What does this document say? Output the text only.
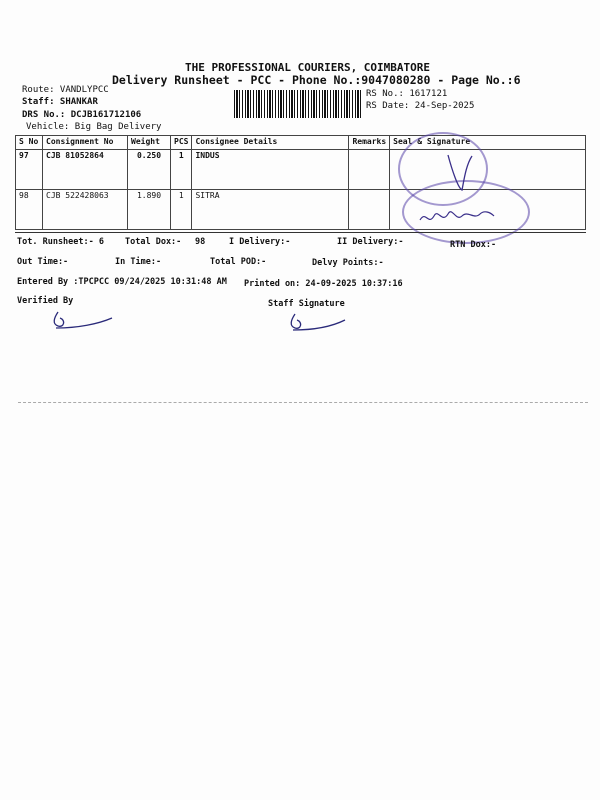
THE PROFESSIONAL COURIERS, COIMBATORE
Delivery Runsheet - PCC - Phone No.:9047080280 - Page No.:6
Route: VANDLYPCC
Staff: SHANKAR
DRS No.: DCJB161712106
Vehicle: Big Bag Delivery
RS No.: 1617121
RS Date: 24-Sep-2025
S No	Consignment No	Weight	PCS	Consignee Details	Remarks	Seal & Signature
97	CJB 81052864	0.250	1	INDUS		
98	CJB 522428063	1.890	1	SITRA		
Tot. Runsheet:- 6 Total Dox:- 98	I Delivery:-	II Delivery:-	RTN Dox:-
Out Time:-	In Time:-	Total POD:-	Delvy Points:-
Entered By :TPCPCC 09/24/2025 10:31:48 AM Printed on: 24-09-2025 10:37:16
Verified By	Staff Signature
